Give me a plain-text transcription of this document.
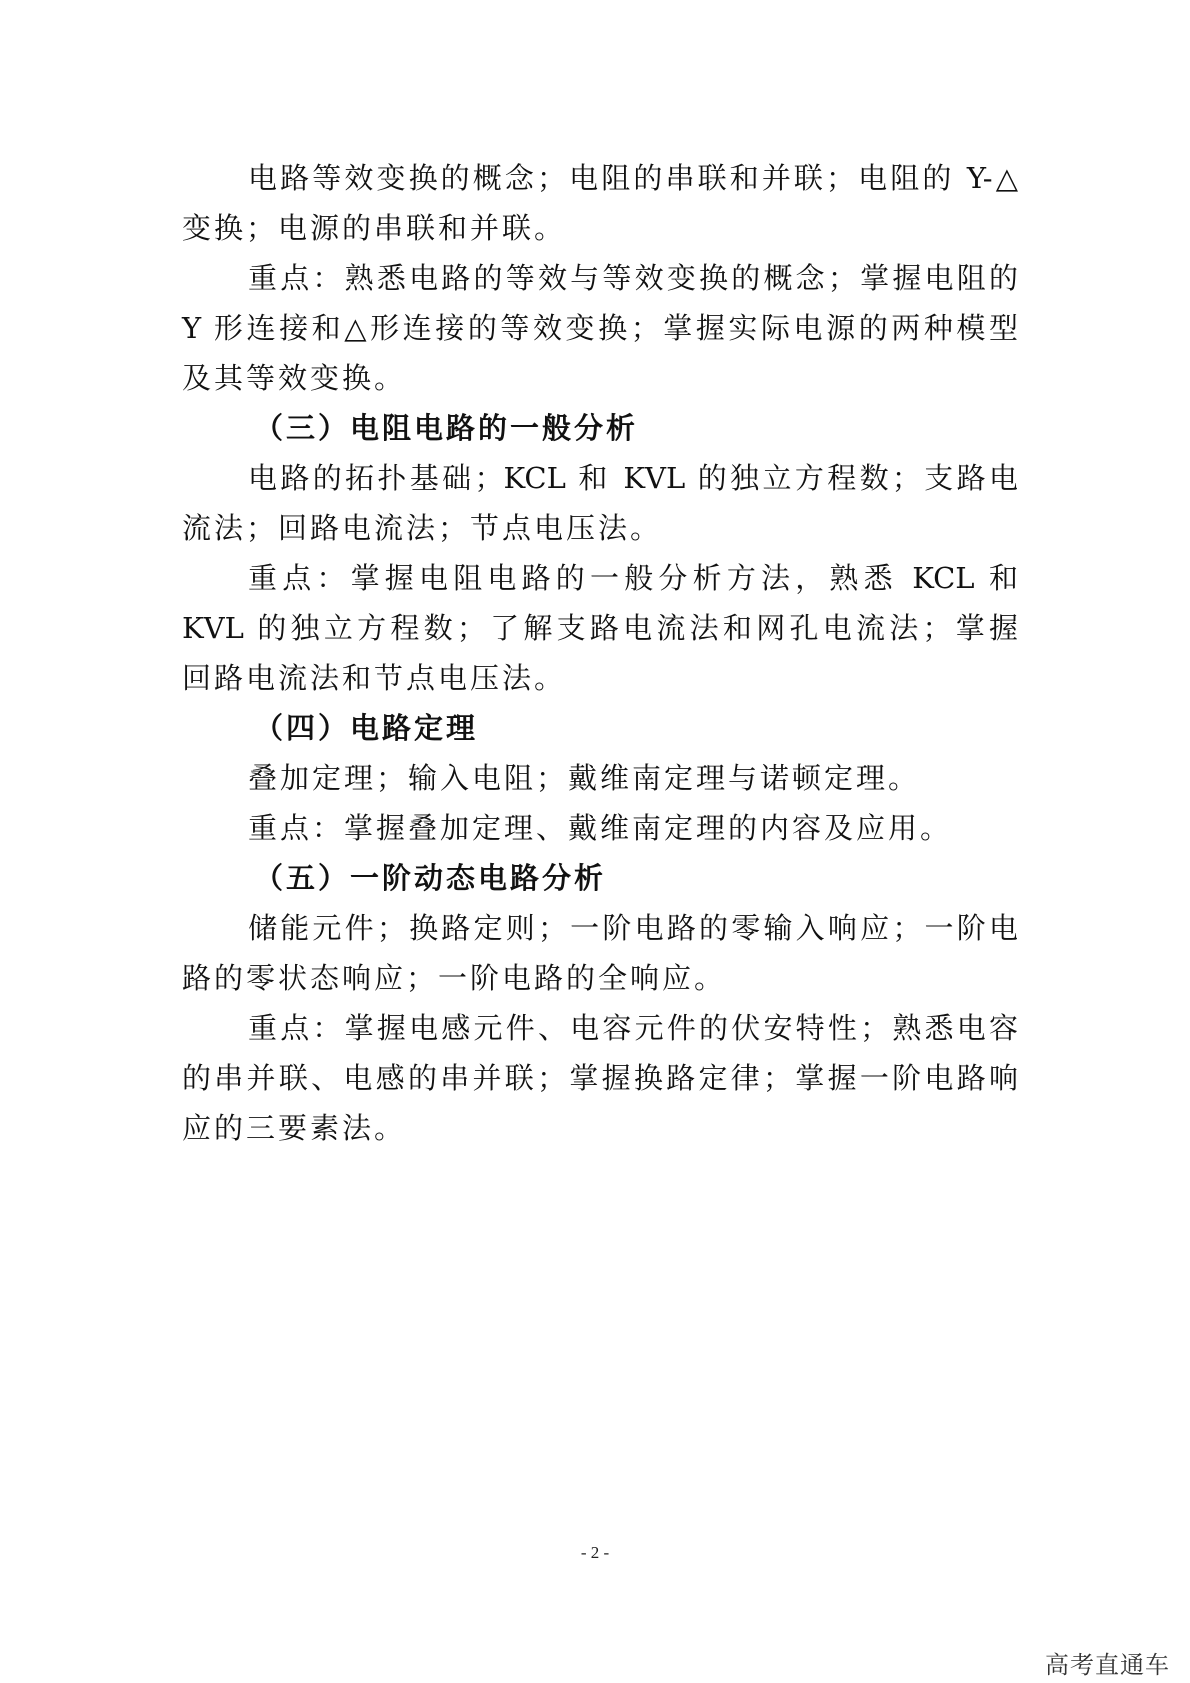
电路等效变换的概念；电阻的串联和并联；电阻的 Y-△
变换；电源的串联和并联。
重点：熟悉电路的等效与等效变换的概念；掌握电阻的
Y 形连接和△形连接的等效变换；掌握实际电源的两种模型
及其等效变换。
（三）电阻电路的一般分析
电路的拓扑基础；KCL 和 KVL 的独立方程数；支路电
流法；回路电流法；节点电压法。
重点：掌握电阻电路的一般分析方法，熟悉 KCL 和
KVL 的独立方程数；了解支路电流法和网孔电流法；掌握
回路电流法和节点电压法。
（四）电路定理
叠加定理；输入电阻；戴维南定理与诺顿定理。
重点：掌握叠加定理、戴维南定理的内容及应用。
（五）一阶动态电路分析
储能元件；换路定则；一阶电路的零输入响应；一阶电
路的零状态响应；一阶电路的全响应。
重点：掌握电感元件、电容元件的伏安特性；熟悉电容
的串并联、电感的串并联；掌握换路定律；掌握一阶电路响
应的三要素法。
- 2 -
高考直通车
